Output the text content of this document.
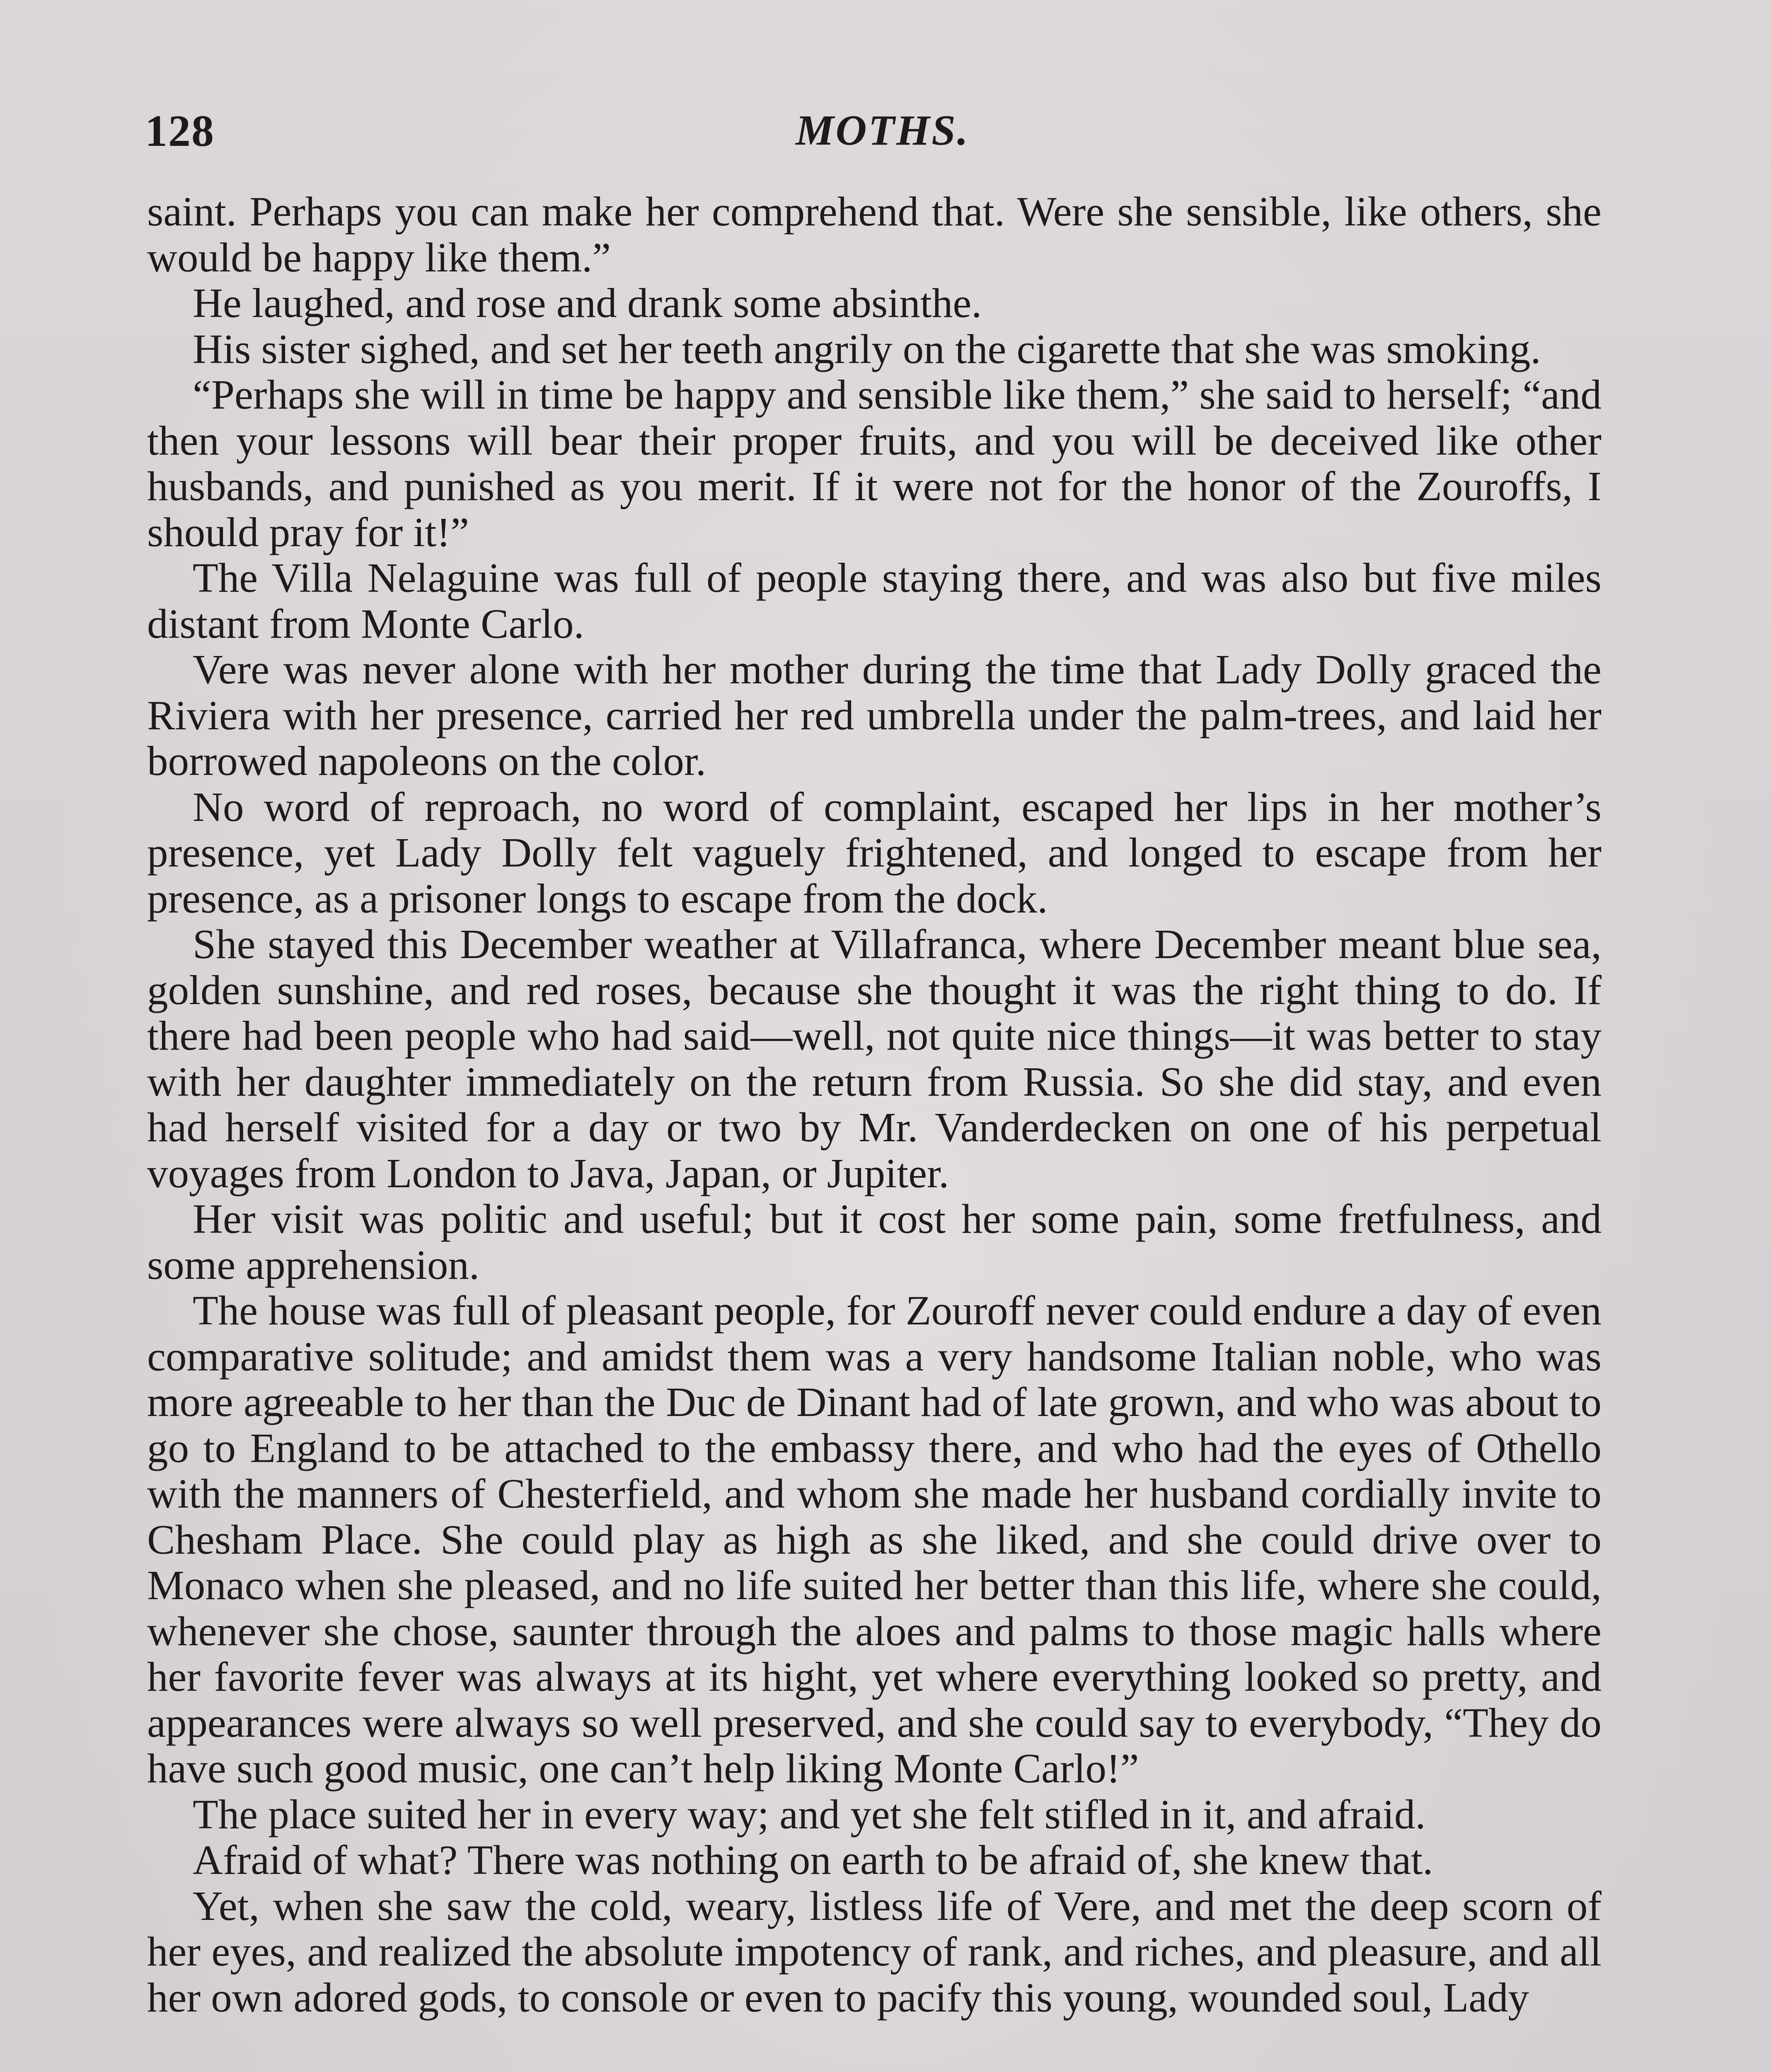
128	MOTHS.

saint. Perhaps you can make her comprehend that. Were she sensible, like others, she would be happy like them.”

He laughed, and rose and drank some absinthe.

His sister sighed, and set her teeth angrily on the cigarette that she was smoking.

“Perhaps she will in time be happy and sensible like them,” she said to herself; “and then your lessons will bear their proper fruits, and you will be deceived like other husbands, and punished as you merit. If it were not for the honor of the Zouroffs, I should pray for it!”

The Villa Nelaguine was full of people staying there, and was also but five miles distant from Monte Carlo.

Vere was never alone with her mother during the time that Lady Dolly graced the Riviera with her presence, carried her red umbrella under the palm-trees, and laid her borrowed napoleons on the color.

No word of reproach, no word of complaint, escaped her lips in her mother’s presence, yet Lady Dolly felt vaguely frightened, and longed to escape from her presence, as a prisoner longs to escape from the dock.

She stayed this December weather at Villafranca, where December meant blue sea, golden sunshine, and red roses, because she thought it was the right thing to do. If there had been people who had said—well, not quite nice things—it was better to stay with her daughter immediately on the return from Russia. So she did stay, and even had herself visited for a day or two by Mr. Vanderdecken on one of his perpetual voyages from London to Java, Japan, or Jupiter.

Her visit was politic and useful; but it cost her some pain, some fretfulness, and some apprehension.

The house was full of pleasant people, for Zouroff never could endure a day of even comparative solitude; and amidst them was a very handsome Italian noble, who was more agreeable to her than the Duc de Dinant had of late grown, and who was about to go to England to be attached to the embassy there, and who had the eyes of Othello with the manners of Chesterfield, and whom she made her husband cordially invite to Chesham Place. She could play as high as she liked, and she could drive over to Monaco when she pleased, and no life suited her better than this life, where she could, whenever she chose, saunter through the aloes and palms to those magic halls where her favorite fever was always at its hight, yet where everything looked so pretty, and appearances were always so well preserved, and she could say to everybody, “They do have such good music, one can’t help liking Monte Carlo!”

The place suited her in every way; and yet she felt stifled in it, and afraid.

Afraid of what? There was nothing on earth to be afraid of, she knew that.

Yet, when she saw the cold, weary, listless life of Vere, and met the deep scorn of her eyes, and realized the absolute impotency of rank, and riches, and pleasure, and all her own adored gods, to console or even to pacify this young, wounded soul, Lady
